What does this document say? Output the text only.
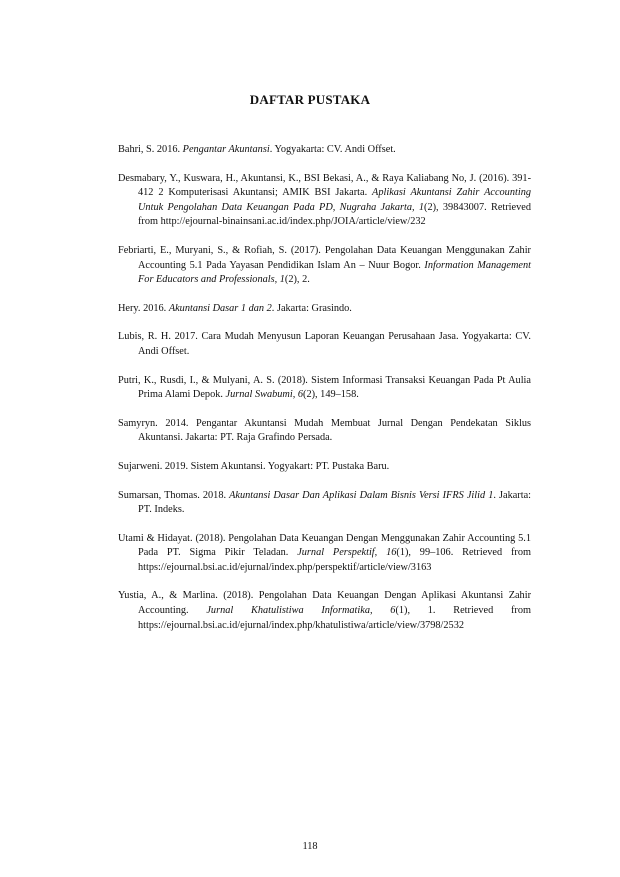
DAFTAR PUSTAKA
Bahri, S. 2016. Pengantar Akuntansi. Yogyakarta: CV. Andi Offset.
Desmabary, Y., Kuswara, H., Akuntansi, K., BSI Bekasi, A., & Raya Kaliabang No, J. (2016). 391-412 2 Komputerisasi Akuntansi; AMIK BSI Jakarta. Aplikasi Akuntansi Zahir Accounting Untuk Pengolahan Data Keuangan Pada PD, Nugraha Jakarta, 1(2), 39843007. Retrieved from http://ejournal-binainsani.ac.id/index.php/JOIA/article/view/232
Febriarti, E., Muryani, S., & Rofiah, S. (2017). Pengolahan Data Keuangan Menggunakan Zahir Accounting 5.1 Pada Yayasan Pendidikan Islam An – Nuur Bogor. Information Management For Educators and Professionals, 1(2), 2.
Hery. 2016. Akuntansi Dasar 1 dan 2. Jakarta: Grasindo.
Lubis, R. H. 2017. Cara Mudah Menyusun Laporan Keuangan Perusahaan Jasa. Yogyakarta: CV. Andi Offset.
Putri, K., Rusdi, I., & Mulyani, A. S. (2018). Sistem Informasi Transaksi Keuangan Pada Pt Aulia Prima Alami Depok. Jurnal Swabumi, 6(2), 149–158.
Samyryn. 2014. Pengantar Akuntansi Mudah Membuat Jurnal Dengan Pendekatan Siklus Akuntansi. Jakarta: PT. Raja Grafindo Persada.
Sujarweni. 2019. Sistem Akuntansi. Yogyakart: PT. Pustaka Baru.
Sumarsan, Thomas. 2018. Akuntansi Dasar Dan Aplikasi Dalam Bisnis Versi IFRS Jilid 1. Jakarta: PT. Indeks.
Utami & Hidayat. (2018). Pengolahan Data Keuangan Dengan Menggunakan Zahir Accounting 5.1 Pada PT. Sigma Pikir Teladan. Jurnal Perspektif, 16(1), 99–106. Retrieved from https://ejournal.bsi.ac.id/ejurnal/index.php/perspektif/article/view/3163
Yustia, A., & Marlina. (2018). Pengolahan Data Keuangan Dengan Aplikasi Akuntansi Zahir Accounting. Jurnal Khatulistiwa Informatika, 6(1), 1. Retrieved from https://ejournal.bsi.ac.id/ejurnal/index.php/khatulistiwa/article/view/3798/2532
118
